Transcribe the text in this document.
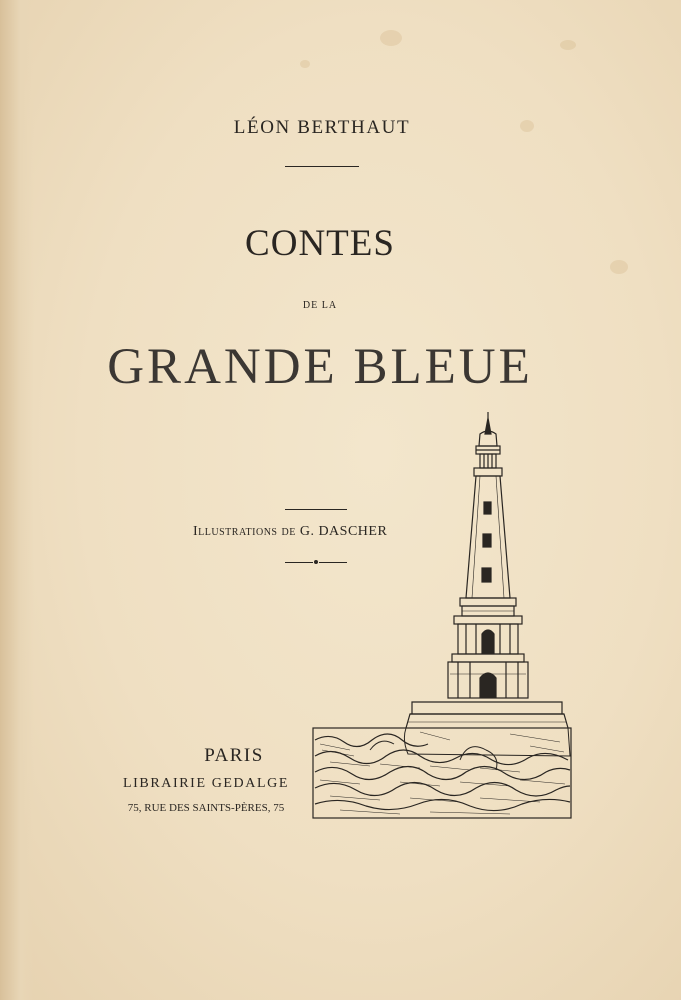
LÉON BERTHAUT
CONTES
DE LA
GRANDE BLEUE
Illustrations de G. DASCHER
PARIS
LIBRAIRIE GEDALGE
75, RUE DES SAINTS-PÈRES, 75
